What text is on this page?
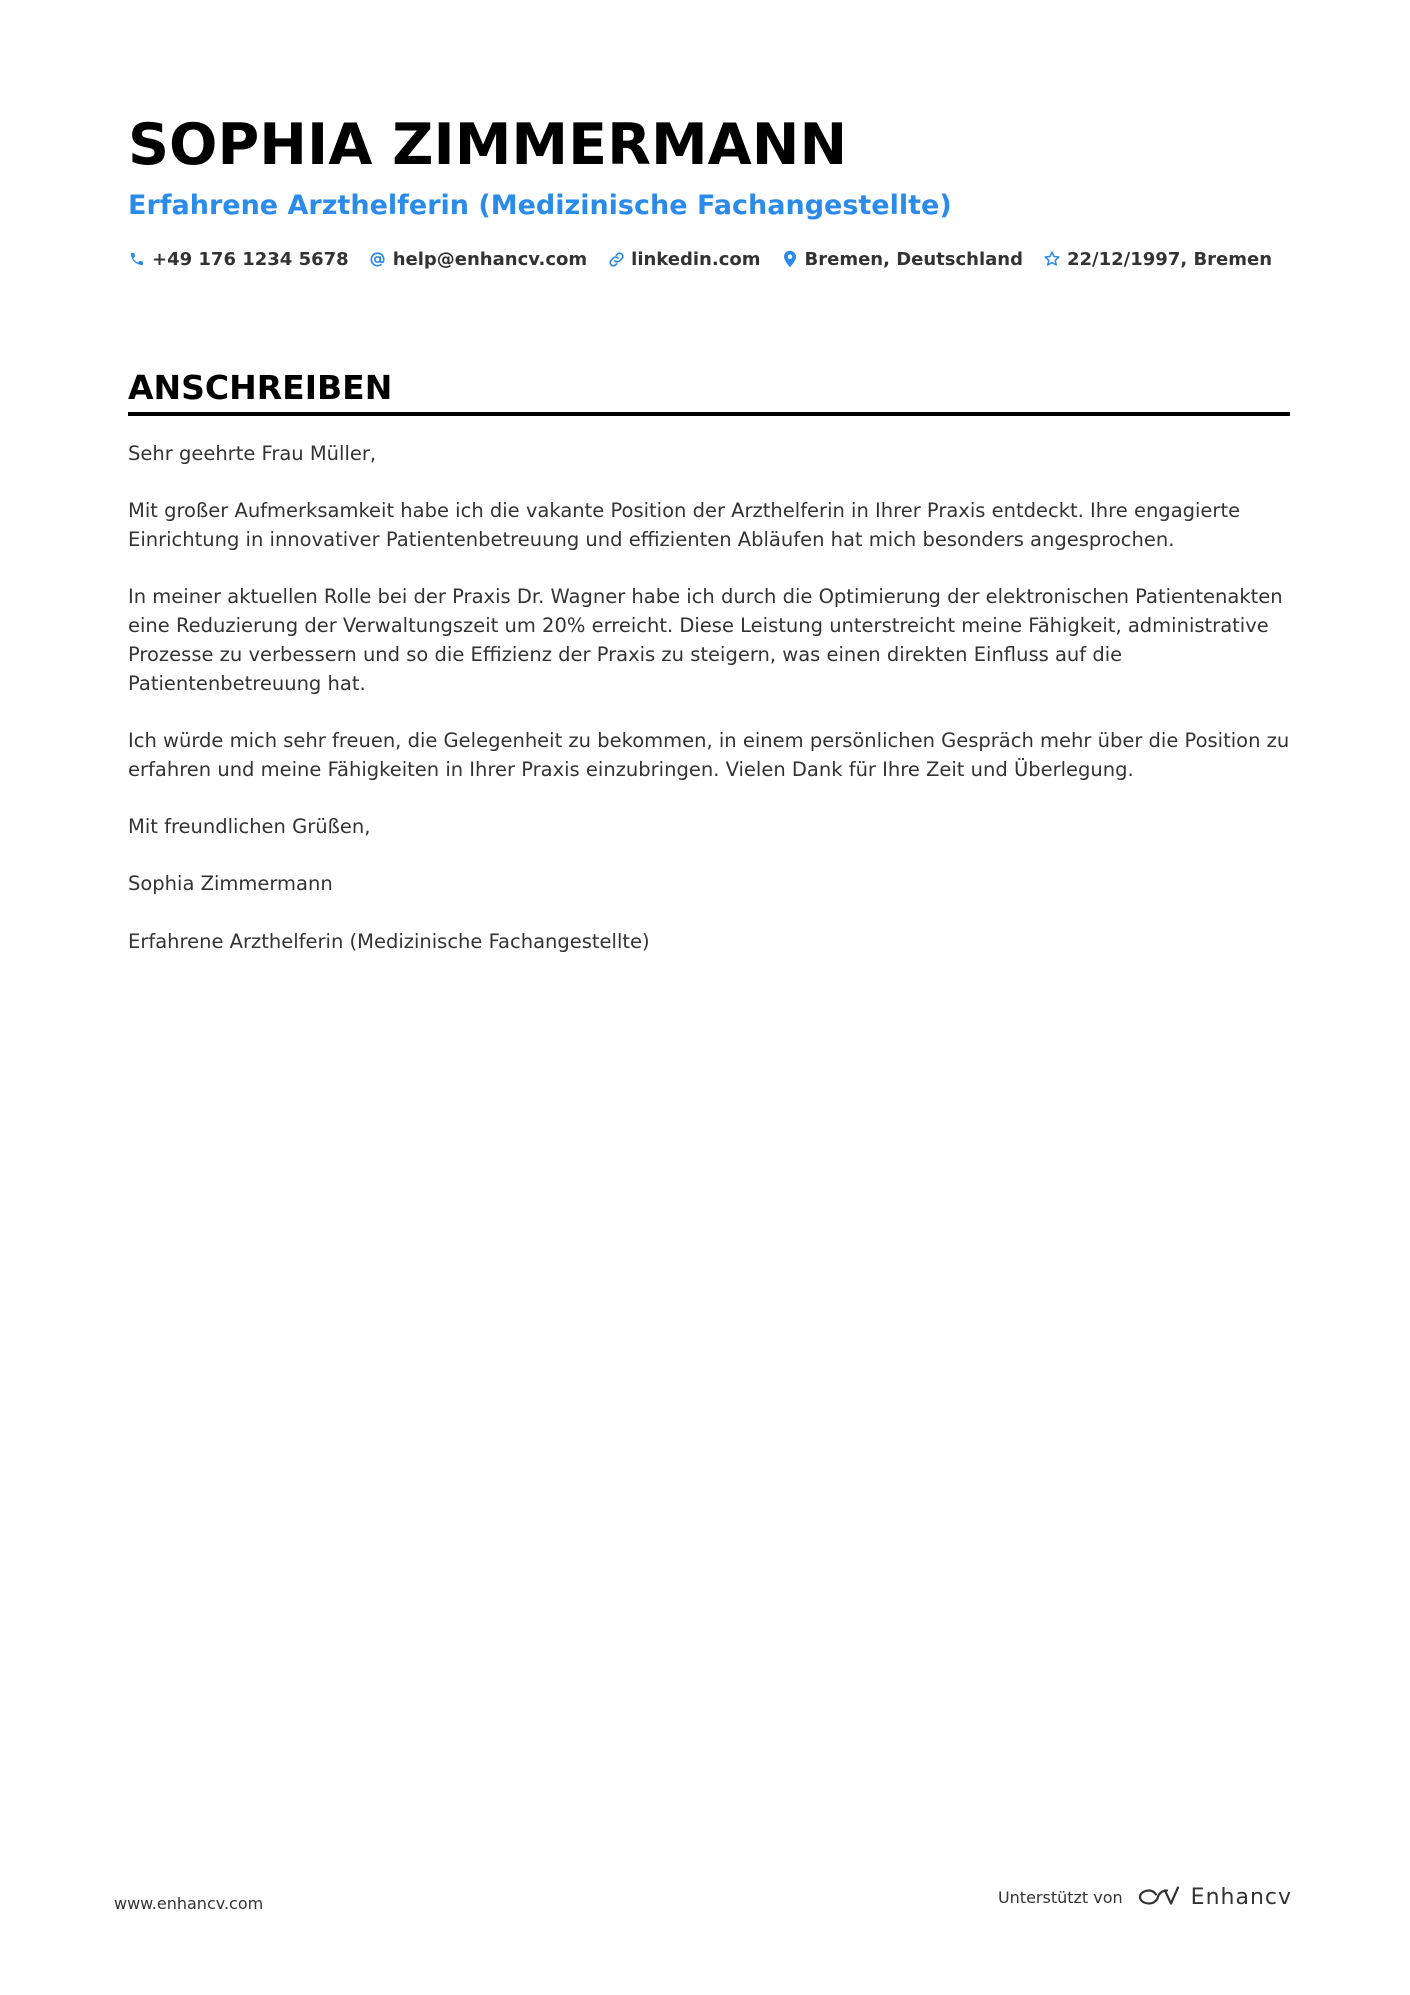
SOPHIA ZIMMERMANN
Erfahrene Arzthelferin (Medizinische Fachangestellte)
+49 176 1234 5678 help@enhancv.com linkedin.com Bremen, Deutschland 22/12/1997, Bremen
ANSCHREIBEN

Sehr geehrte Frau Müller,

Mit großer Aufmerksamkeit habe ich die vakante Position der Arzthelferin in Ihrer Praxis entdeckt. Ihre engagierte Einrichtung in innovativer Patientenbetreuung und effizienten Abläufen hat mich besonders angesprochen.

In meiner aktuellen Rolle bei der Praxis Dr. Wagner habe ich durch die Optimierung der elektronischen Patientenakten eine Reduzierung der Verwaltungszeit um 20% erreicht. Diese Leistung unterstreicht meine Fähigkeit, administrative Prozesse zu verbessern und so die Effizienz der Praxis zu steigern, was einen direkten Einfluss auf die Patientenbetreuung hat.

Ich würde mich sehr freuen, die Gelegenheit zu bekommen, in einem persönlichen Gespräch mehr über die Position zu erfahren und meine Fähigkeiten in Ihrer Praxis einzubringen. Vielen Dank für Ihre Zeit und Überlegung.

Mit freundlichen Grüßen,

Sophia Zimmermann

Erfahrene Arzthelferin (Medizinische Fachangestellte)

www.enhancv.com	Unterstützt von	Enhancv
